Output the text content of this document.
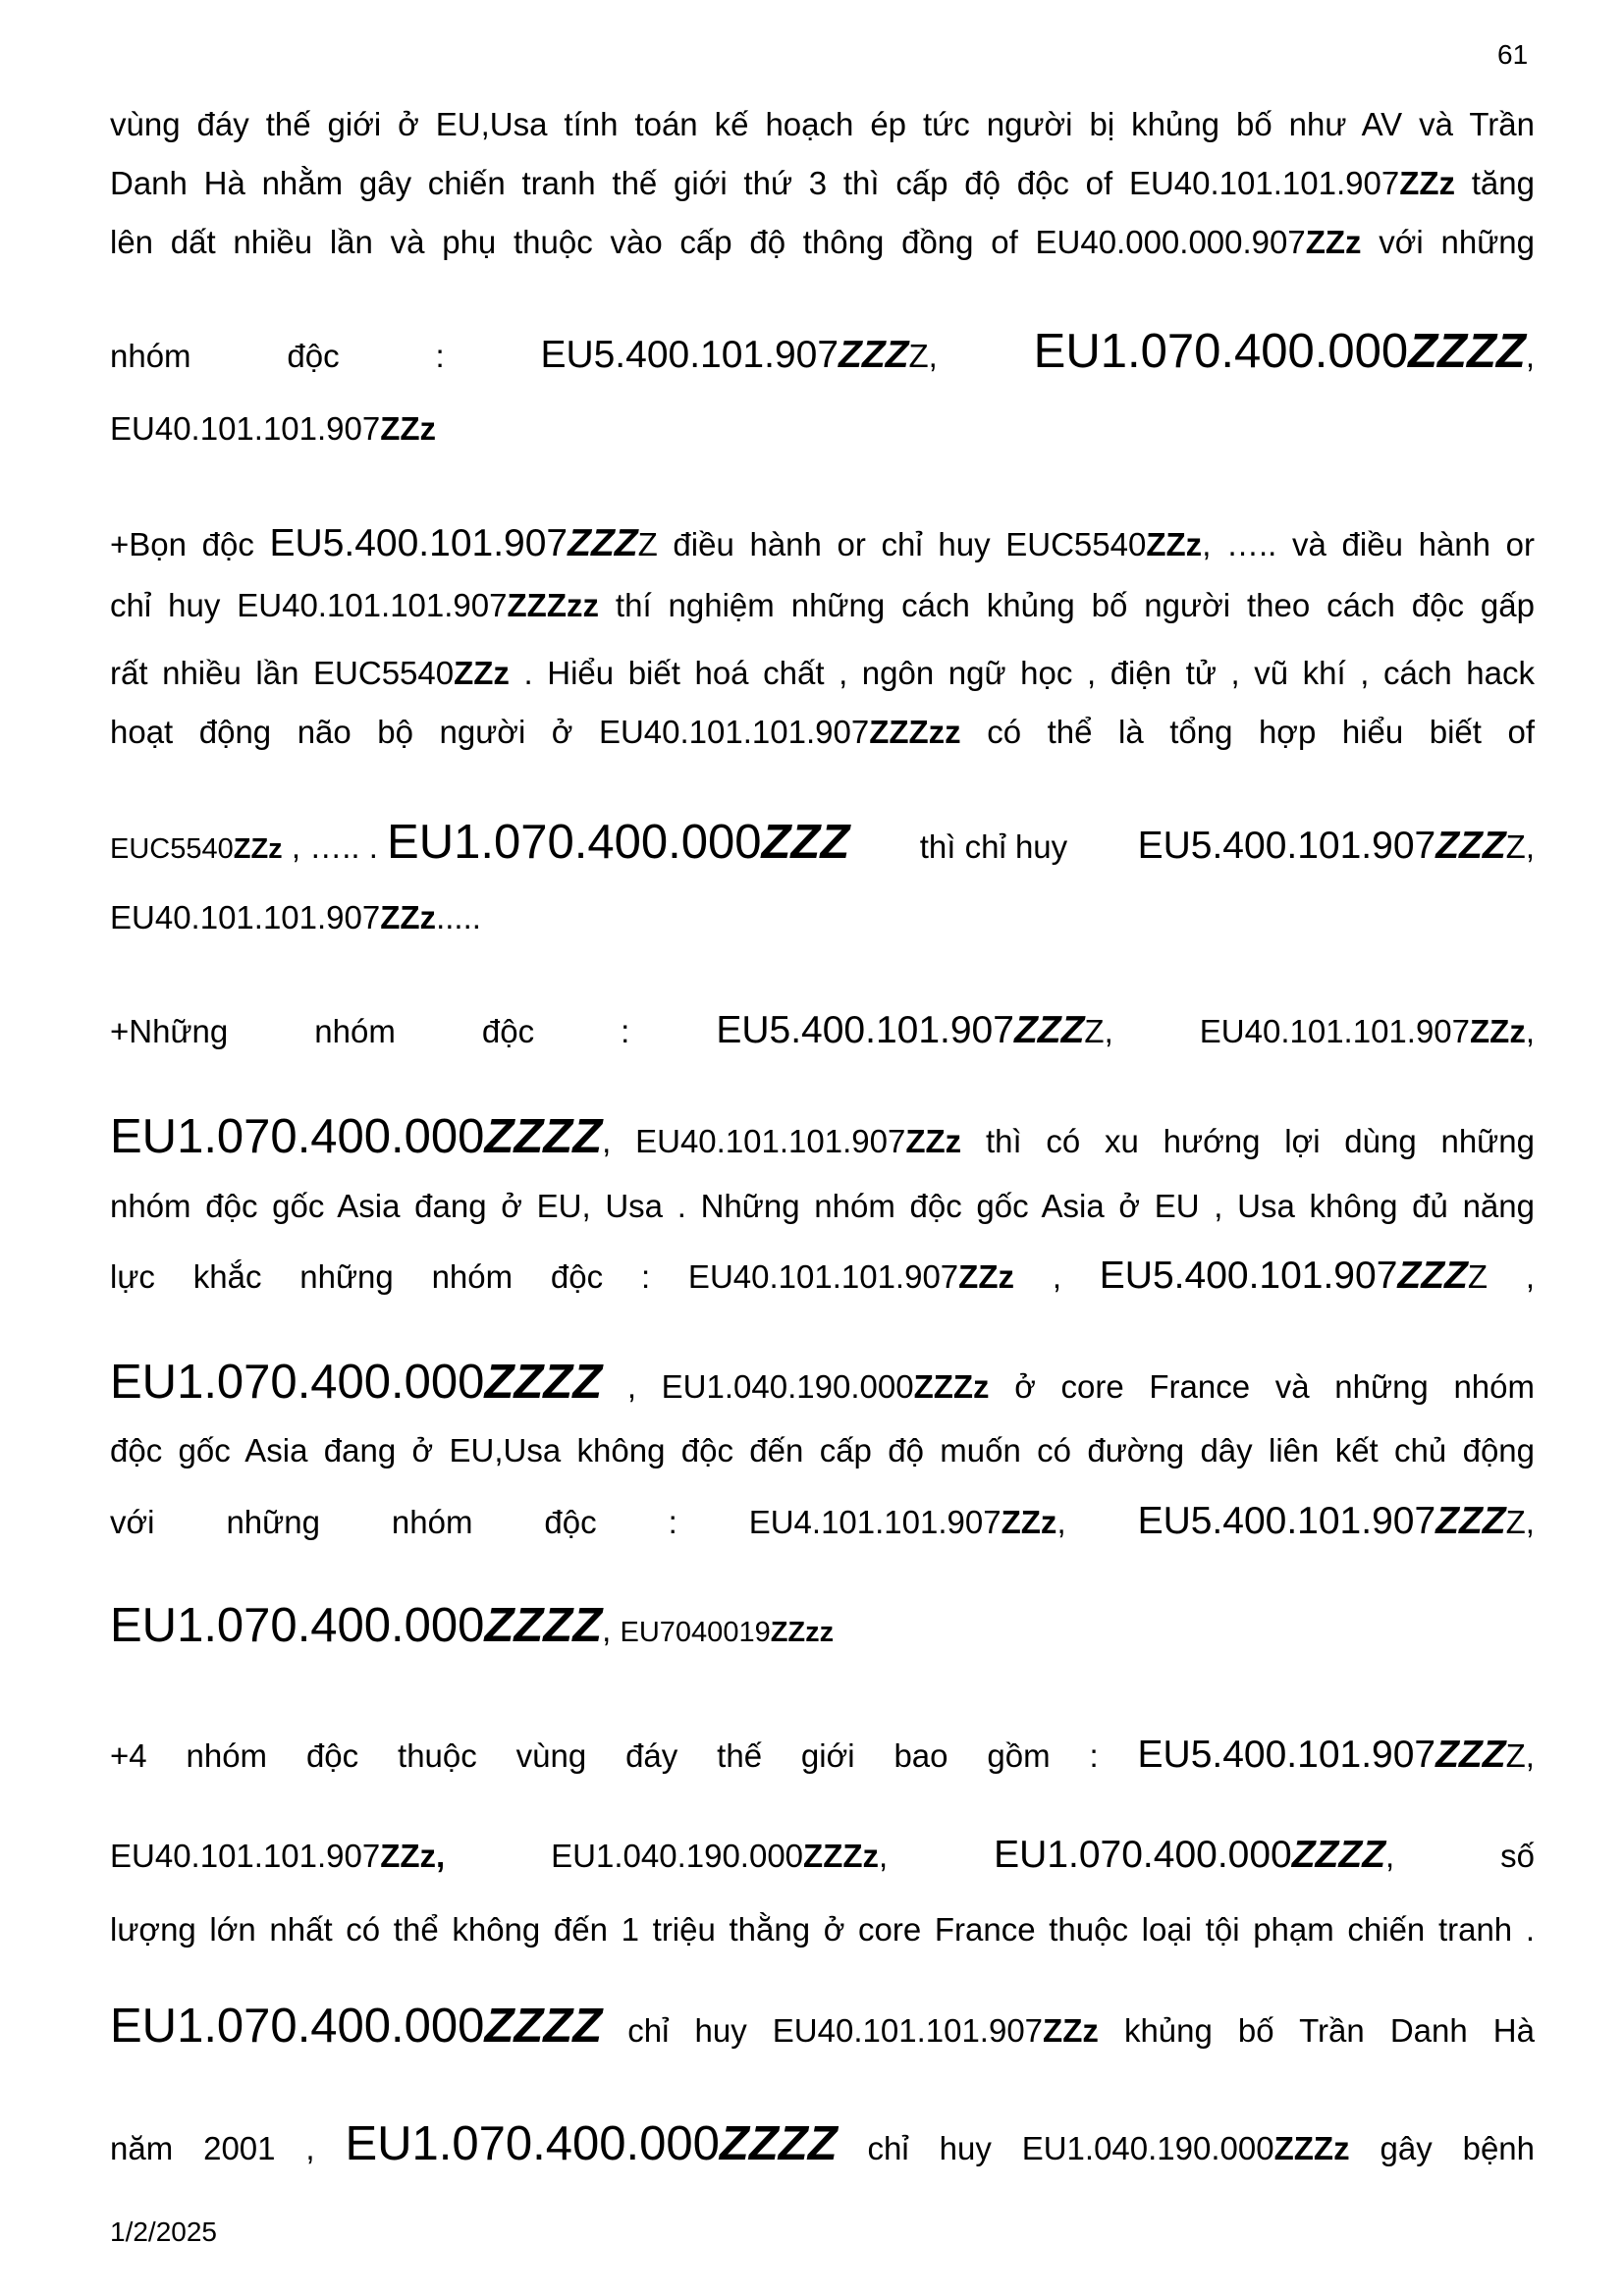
61
vùng đáy thế giới ở EU,Usa tính toán kế hoạch ép tức người bị khủng bố như AV và Trần
Danh Hà nhằm gây chiến tranh thế giới thứ 3 thì cấp độ độc of EU40.101.101.907ZZz tăng
lên dất nhiều lần và phụ thuộc vào cấp độ thông đồng of EU40.000.000.907ZZz với những
nhóm	độc	:	EU5.400.101.907ZZZZ, EU1.070.400.000ZZZZ,
EU40.101.101.907ZZz
+Bọn độc EU5.400.101.907ZZZZ điều hành or chỉ huy EUC5540ZZz, ….. và điều hành or
chỉ huy EU40.101.101.907ZZZzz thí nghiệm những cách khủng bố người theo cách độc gấp
rất nhiều lần EUC5540ZZz . Hiểu biết hoá chất , ngôn ngữ học , điện tử , vũ khí , cách hack
hoạt động não bộ người ở EU40.101.101.907ZZZzz có thể là tổng hợp hiểu biết of
EUC5540ZZz , ….. . EU1.070.400.000ZZZ thì chỉ huy EU5.400.101.907ZZZZ,
EU40.101.101.907ZZz.....
+Những	nhóm	độc	: EU5.400.101.907ZZZZ,	EU40.101.101.907ZZz,
EU1.070.400.000ZZZZ, EU40.101.101.907ZZz thì có xu hướng lợi dùng những
nhóm độc gốc Asia đang ở EU, Usa . Những nhóm độc gốc Asia ở EU , Usa không đủ năng
lực khắc những nhóm độc : EU40.101.101.907ZZz , EU5.400.101.907ZZZZ ,
EU1.070.400.000ZZZZ , EU1.040.190.000ZZZz ở core France và những nhóm
độc gốc Asia đang ở EU,Usa không độc đến cấp độ muốn có đường dây liên kết chủ động
với những nhóm độc : EU4.101.101.907ZZz, EU5.400.101.907ZZZZ,
EU1.070.400.000ZZZZ, EU7040019ZZzz
+4 nhóm độc thuộc vùng đáy thế giới bao gồm : EU5.400.101.907ZZZZ,
EU40.101.101.907ZZz,	EU1.040.190.000ZZZz,	EU1.070.400.000ZZZZ,	số
lượng lớn nhất có thể không đến 1 triệu thằng ở core France thuộc loại tội phạm chiến tranh .
EU1.070.400.000ZZZZ chỉ huy EU40.101.101.907ZZz khủng bố Trần Danh Hà
năm 2001 , EU1.070.400.000ZZZZ chỉ huy EU1.040.190.000ZZZz gây bệnh
1/2/2025
